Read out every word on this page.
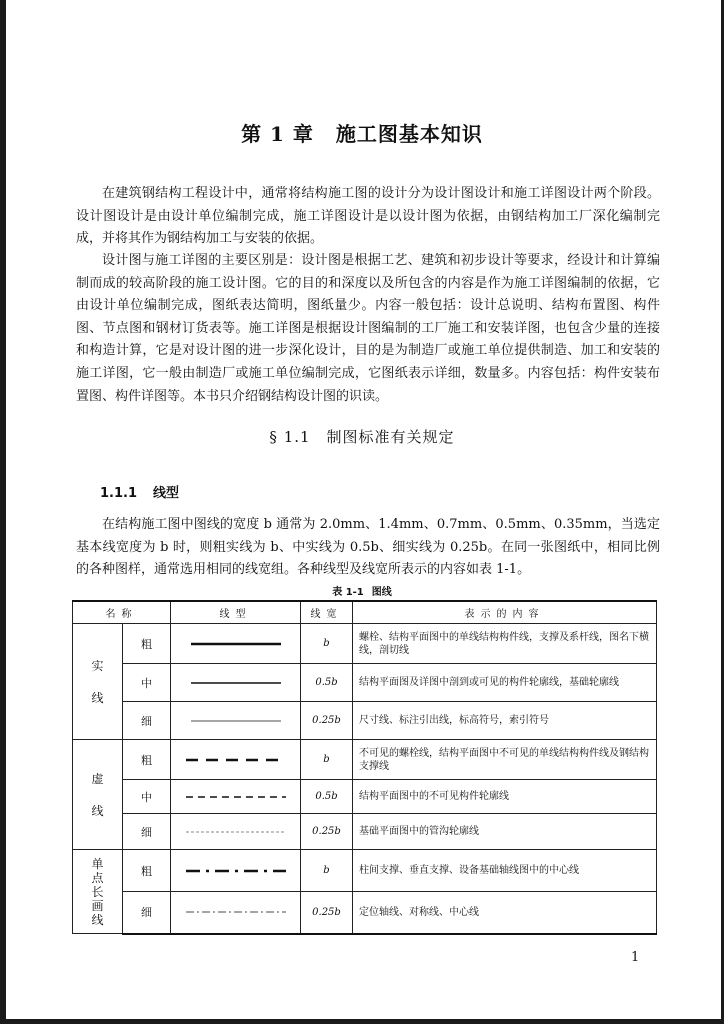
第 1 章 施工图基本知识

在建筑钢结构工程设计中，通常将结构施工图的设计分为设计图设计和施工详图设计两个阶段。设计图设计是由设计单位编制完成，施工详图设计是以设计图为依据，由钢结构加工厂深化编制完成，并将其作为钢结构加工与安装的依据。

设计图与施工详图的主要区别是：设计图是根据工艺、建筑和初步设计等要求，经设计和计算编制而成的较高阶段的施工设计图。它的目的和深度以及所包含的内容是作为施工详图编制的依据，它由设计单位编制完成，图纸表达简明，图纸量少。内容一般包括：设计总说明、结构布置图、构件图、节点图和钢材订货表等。施工详图是根据设计图编制的工厂施工和安装详图，也包含少量的连接和构造计算，它是对设计图的进一步深化设计，目的是为制造厂或施工单位提供制造、加工和安装的施工详图，它一般由制造厂或施工单位编制完成，它图纸表示详细，数量多。内容包括：构件安装布置图、构件详图等。本书只介绍钢结构设计图的识读。

§ 1.1 制图标准有关规定
1.1.1 线型

在结构施工图中图线的宽度 b 通常为 2.0mm、1.4mm、0.7mm、0.5mm、0.35mm，当选定基本线宽度为 b 时，则粗实线为 b、中实线为 0.5b、细实线为 0.25b。在同一张图纸中，相同比例的各种图样，通常选用相同的线宽组。各种线型及线宽所表示的内容如表 1-1。

表 1-1 图线
名称		线型	线宽	表示的内容

实
线	粗		b	螺栓、结构平面图中的单线结构构件线，支撑及系杆线，图名下横线，剖切线
	中		0.5b	结构平面图及详图中剖到或可见的构件轮廓线，基础轮廓线
	细		0.25b	尺寸线、标注引出线，标高符号，索引符号

虚
线	粗		b	不可见的螺栓线，结构平面图中不可见的单线结构构件线及钢结构支撑线
	中		0.5b	结构平面图中的不可见构件轮廓线
	细		0.25b	基础平面图中的管沟轮廓线

单
点
长
画
线	粗		b	柱间支撑、垂直支撑、设备基础轴线图中的中心线
	细		0.25b	定位轴线、对称线、中心线
1
